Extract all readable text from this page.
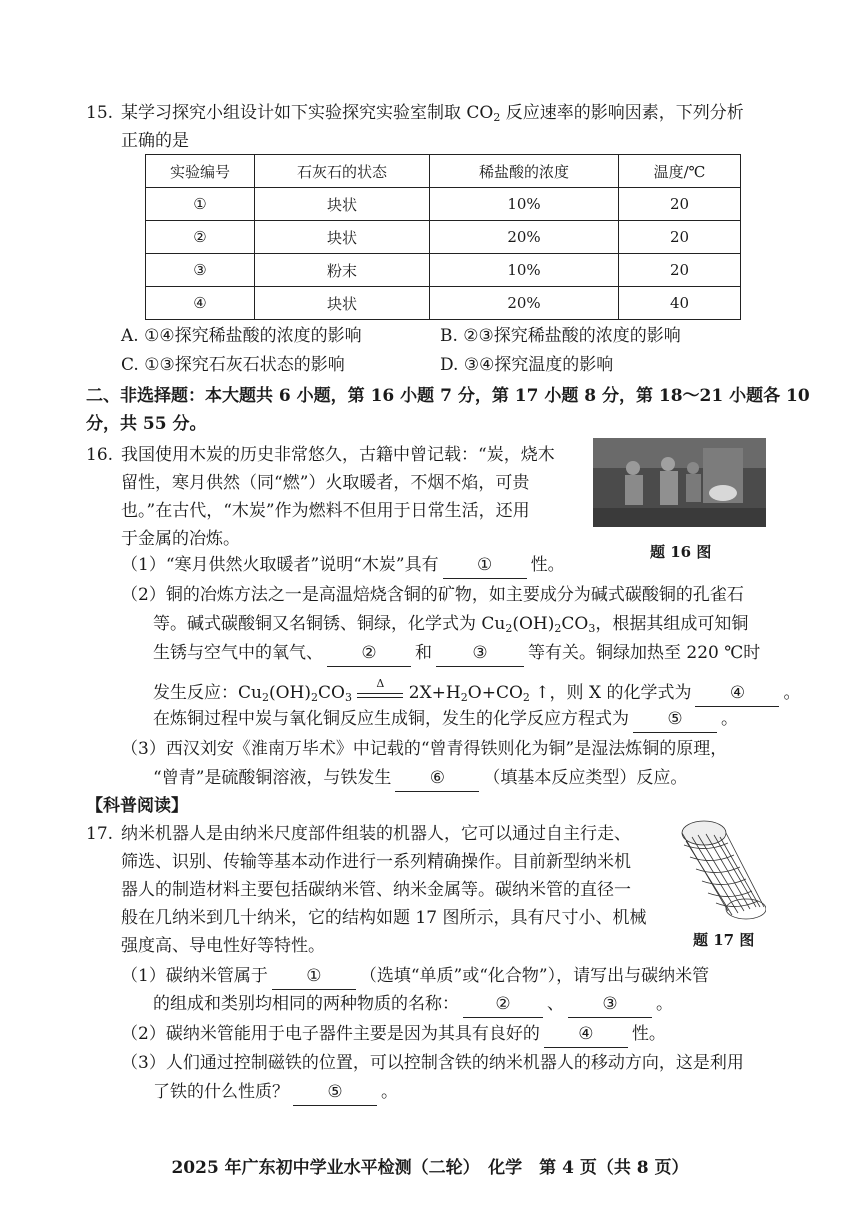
15. 某学习探究小组设计如下实验探究实验室制取 $CO_2$ 反应速率的影响因素，下列分析
正确的是
实验编号	石灰石的状态	稀盐酸的浓度	温度/℃
①	块状	10%	20
②	块状	20%	20
③	粉末	10%	20
④	块状	20%	40
A. ①④探究稀盐酸的浓度的影响	B. ②③探究稀盐酸的浓度的影响
C. ①③探究石灰石状态的影响	D. ③④探究温度的影响
二、非选择题：本大题共 6 小题，第 16 小题 7 分，第 17 小题 8 分，第 18～21 小题各 10
分，共 55 分。
16. 我国使用木炭的历史非常悠久，古籍中曾记载：“炭，烧木
留性，寒月供然（同“燃”）火取暖者，不烟不焰，可贵
也。”在古代，“木炭”作为燃料不但用于日常生活，还用
于金属的冶炼。
题 16 图
（1）“寒月供然火取暖者”说明“木炭”具有 ① 性。
（2）铜的冶炼方法之一是高温焙烧含铜的矿物，如主要成分为碱式碳酸铜的孔雀石
等。碱式碳酸铜又名铜锈、铜绿，化学式为 $Cu_2(OH)_2CO_3$，根据其组成可知铜
生锈与空气中的氧气、 ② 和 ③ 等有关。铜绿加热至 220 ℃时
发生反应：$Cu_2(OH)_2CO_3$
Δ	$2X+H_2O+CO_2$ ↑，则 X 的化学式为 ④ 。
在炼铜过程中炭与氧化铜反应生成铜，发生的化学反应方程式为 ⑤ 。
（3）西汉刘安《淮南万毕术》中记载的“曾青得铁则化为铜”是湿法炼铜的原理，
“曾青”是硫酸铜溶液，与铁发生 ⑥ （填基本反应类型）反应。
【科普阅读】
17. 纳米机器人是由纳米尺度部件组装的机器人，它可以通过自主行走、
筛选、识别、传输等基本动作进行一系列精确操作。目前新型纳米机
器人的制造材料主要包括碳纳米管、纳米金属等。碳纳米管的直径一
般在几纳米到几十纳米，它的结构如题 17 图所示，具有尺寸小、机械
强度高、导电性好等特性。	题 17 图
（1）碳纳米管属于 ① （选填“单质”或“化合物”），请写出与碳纳米管
的组成和类别均相同的两种物质的名称： ② 、 ③ 。
（2）碳纳米管能用于电子器件主要是因为其具有良好的 ④ 性。
（3）人们通过控制磁铁的位置，可以控制含铁的纳米机器人的移动方向，这是利用
了铁的什么性质？ ⑤ 。
2025 年广东初中学业水平检测（二轮）　化学　第 4 页（共 8 页）
